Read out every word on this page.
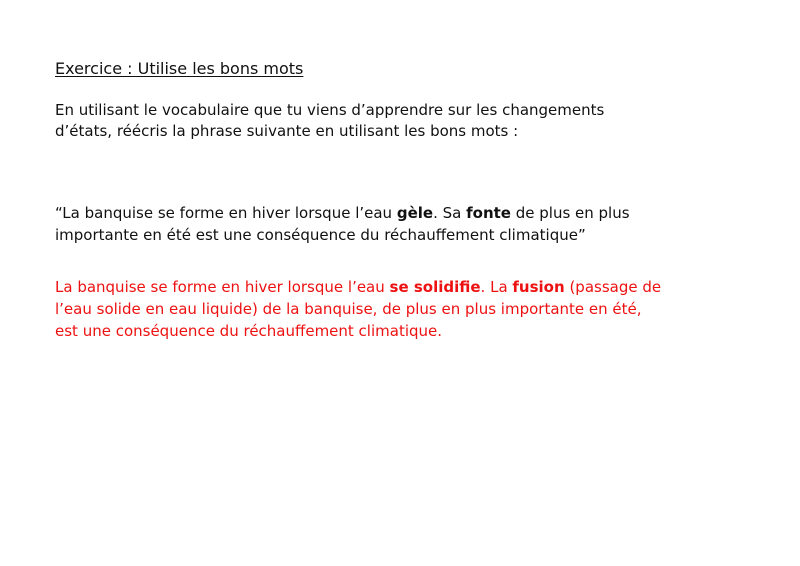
Exercice : Utilise les bons mots
En utilisant le vocabulaire que tu viens d’apprendre sur les changements
d’états, réécris la phrase suivante en utilisant les bons mots :
“La banquise se forme en hiver lorsque l’eau gèle. Sa fonte de plus en plus
importante en été est une conséquence du réchauffement climatique”
La banquise se forme en hiver lorsque l’eau se solidifie. La fusion (passage de
l’eau solide en eau liquide) de la banquise, de plus en plus importante en été,
est une conséquence du réchauffement climatique.
